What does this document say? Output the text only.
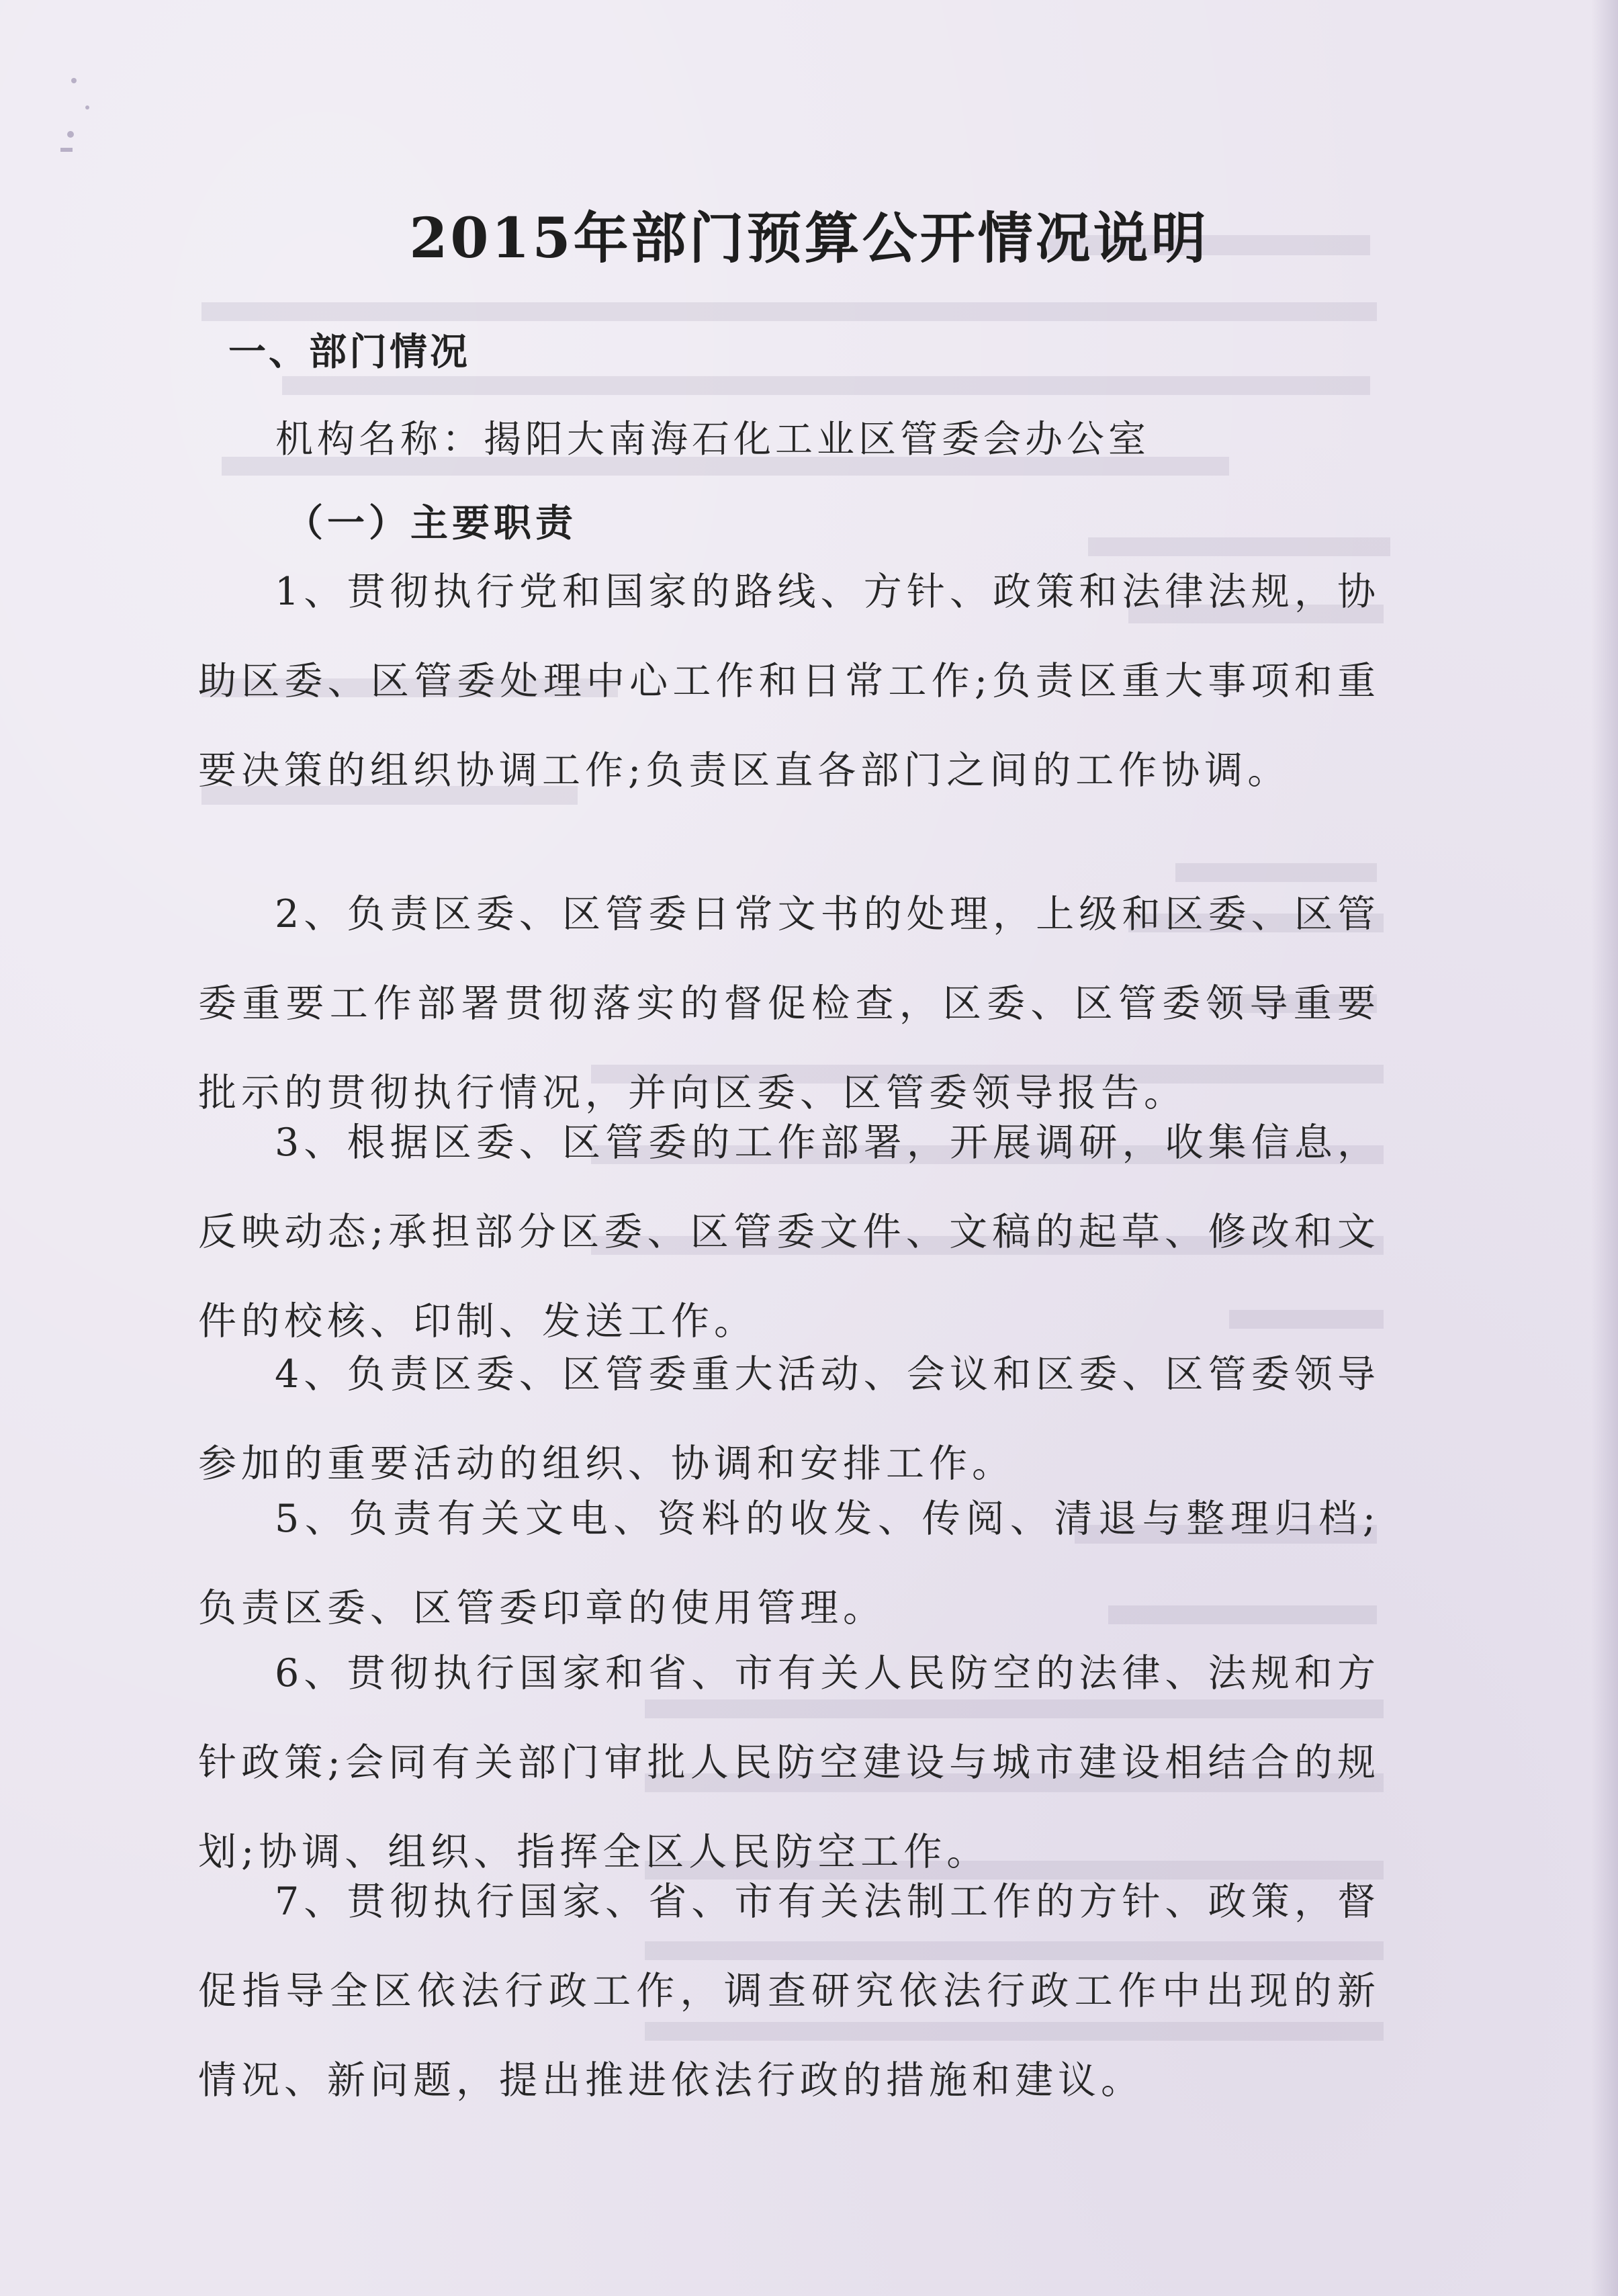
2015年部门预算公开情况说明
一、部门情况
机构名称：揭阳大南海石化工业区管委会办公室
（一）主要职责

1、贯彻执行党和国家的路线、方针、政策和法律法规，协助区委、区管委处理中心工作和日常工作;负责区重大事项和重要决策的组织协调工作;负责区直各部门之间的工作协调。

2、负责区委、区管委日常文书的处理，上级和区委、区管委重要工作部署贯彻落实的督促检查，区委、区管委领导重要批示的贯彻执行情况，并向区委、区管委领导报告。

3、根据区委、区管委的工作部署，开展调研，收集信息，反映动态;承担部分区委、区管委文件、文稿的起草、修改和文件的校核、印制、发送工作。

4、负责区委、区管委重大活动、会议和区委、区管委领导参加的重要活动的组织、协调和安排工作。

5、负责有关文电、资料的收发、传阅、清退与整理归档;负责区委、区管委印章的使用管理。

6、贯彻执行国家和省、市有关人民防空的法律、法规和方针政策;会同有关部门审批人民防空建设与城市建设相结合的规划;协调、组织、指挥全区人民防空工作。

7、贯彻执行国家、省、市有关法制工作的方针、政策，督促指导全区依法行政工作，调查研究依法行政工作中出现的新情况、新问题，提出推进依法行政的措施和建议。
